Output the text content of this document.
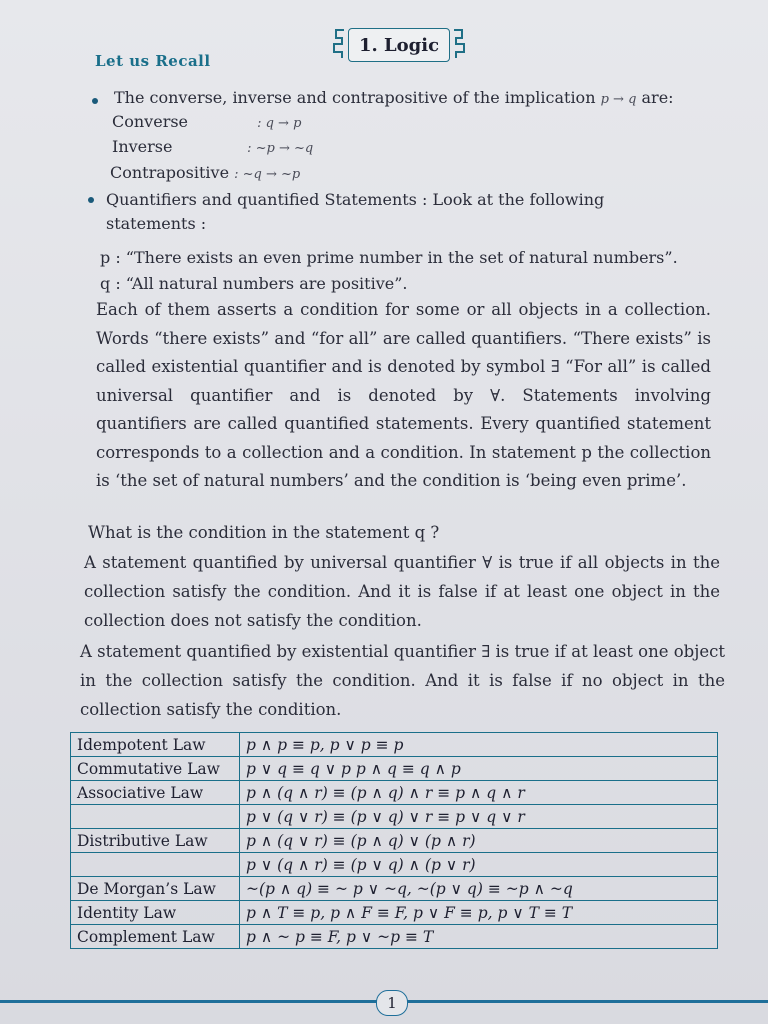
1. Logic
Let us Recall
The converse, inverse and contrapositive of the implication p → q are:
Converse	: q → p
Inverse	: ~p → ~q
Contrapositive : ~q → ~p
Quantifiers and quantified Statements : Look at the following
statements :
p : “There exists an even prime number in the set of natural numbers”.
q : “All natural numbers are positive”.
Each of them asserts a condition for some or all objects in a collection. Words “there exists” and “for all” are called quantifiers. “There exists” is called existential quantifier and is denoted by symbol ∃ “For all” is called universal quantifier and is denoted by ∀. Statements involving quantifiers are called quantified statements. Every quantified statement corresponds to a collection and a condition. In statement p the collection is ‘the set of natural numbers’ and the condition is ‘being even prime’.
What is the condition in the statement q ?
A statement quantified by universal quantifier ∀ is true if all objects in the collection satisfy the condition. And it is false if at least one object in the collection does not satisfy the condition.
A statement quantified by existential quantifier ∃ is true if at least one object in the collection satisfy the condition. And it is false if no object in the collection satisfy the condition.
Idempotent Law	p ∧ p ≡ p, p ∨ p ≡ p
Commutative Law	p ∨ q ≡ q ∨ p p ∧ q ≡ q ∧ p
Associative Law	p ∧ (q ∧ r) ≡ (p ∧ q) ∧ r ≡ p ∧ q ∧ r
	p ∨ (q ∨ r) ≡ (p ∨ q) ∨ r ≡ p ∨ q ∨ r
Distributive Law	p ∧ (q ∨ r) ≡ (p ∧ q) ∨ (p ∧ r)
	p ∨ (q ∧ r) ≡ (p ∨ q) ∧ (p ∨ r)
De Morgan’s Law	~(p ∧ q) ≡ ~ p ∨ ~q, ~(p ∨ q) ≡ ~p ∧ ~q
Identity Law	p ∧ T ≡ p, p ∧ F ≡ F, p ∨ F ≡ p, p ∨ T ≡ T
Complement Law	p ∧ ~ p ≡ F, p ∨ ~p ≡ T
1
